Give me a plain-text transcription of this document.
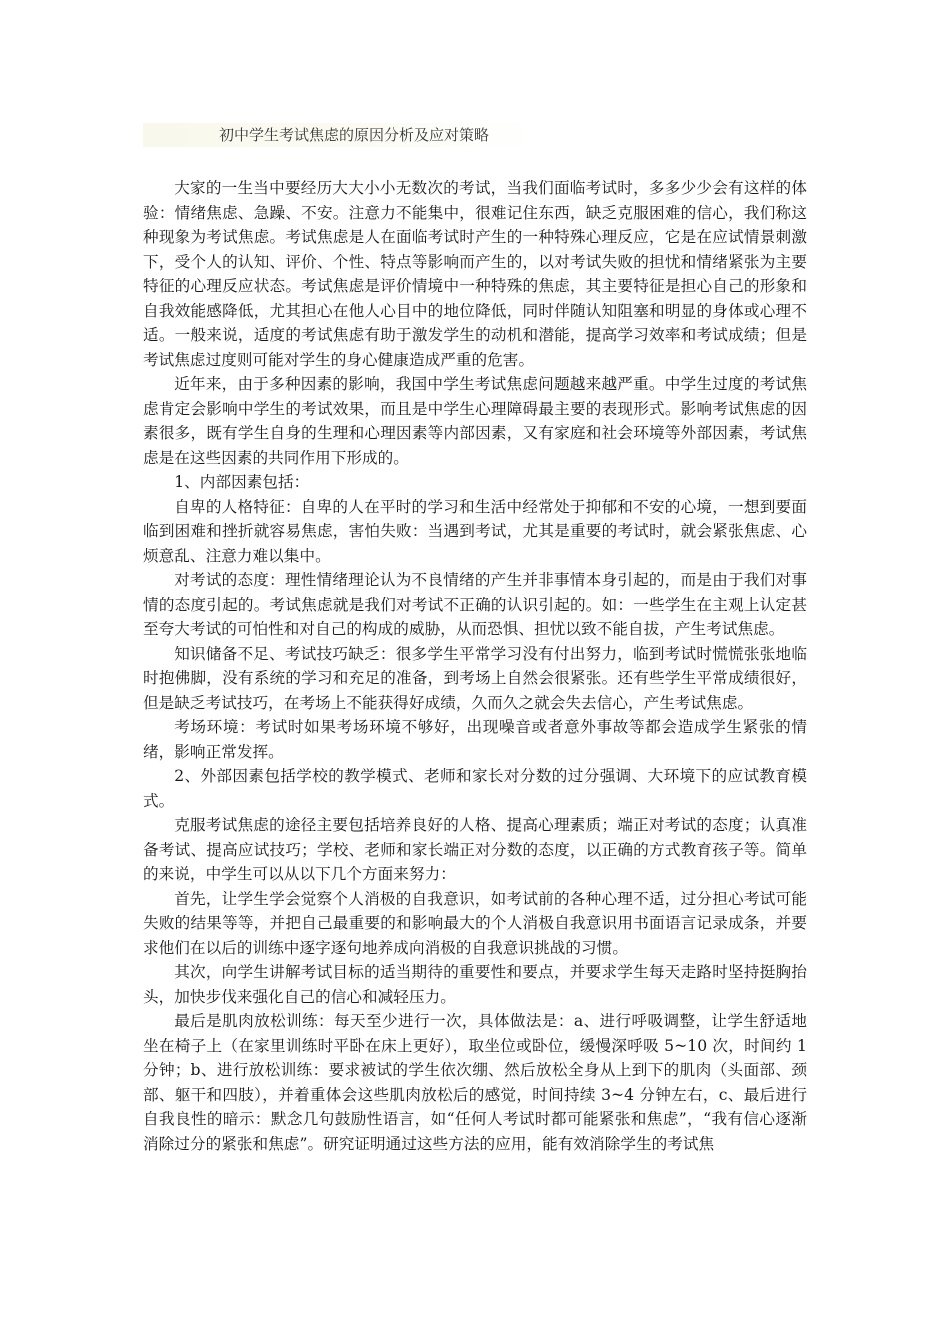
初中学生考试焦虑的原因分析及应对策略

大家的一生当中要经历大大小小无数次的考试，当我们面临考试时，多多少少会有这样的体验：情绪焦虑、急躁、不安。注意力不能集中，很难记住东西，缺乏克服困难的信心，我们称这种现象为考试焦虑。考试焦虑是人在面临考试时产生的一种特殊心理反应，它是在应试情景刺激下，受个人的认知、评价、个性、特点等影响而产生的，以对考试失败的担忧和情绪紧张为主要特征的心理反应状态。考试焦虑是评价情境中一种特殊的焦虑，其主要特征是担心自己的形象和自我效能感降低，尤其担心在他人心目中的地位降低，同时伴随认知阻塞和明显的身体或心理不适。一般来说，适度的考试焦虑有助于激发学生的动机和潜能，提高学习效率和考试成绩；但是考试焦虑过度则可能对学生的身心健康造成严重的危害。

近年来，由于多种因素的影响，我国中学生考试焦虑问题越来越严重。中学生过度的考试焦虑肯定会影响中学生的考试效果，而且是中学生心理障碍最主要的表现形式。影响考试焦虑的因素很多，既有学生自身的生理和心理因素等内部因素，又有家庭和社会环境等外部因素，考试焦虑是在这些因素的共同作用下形成的。

1、内部因素包括：

自卑的人格特征：自卑的人在平时的学习和生活中经常处于抑郁和不安的心境，一想到要面临到困难和挫折就容易焦虑，害怕失败：当遇到考试，尤其是重要的考试时，就会紧张焦虑、心烦意乱、注意力难以集中。

对考试的态度：理性情绪理论认为不良情绪的产生并非事情本身引起的，而是由于我们对事情的态度引起的。考试焦虑就是我们对考试不正确的认识引起的。如：一些学生在主观上认定甚至夸大考试的可怕性和对自己的构成的威胁，从而恐惧、担忧以致不能自拔，产生考试焦虑。

知识储备不足、考试技巧缺乏：很多学生平常学习没有付出努力，临到考试时慌慌张张地临时抱佛脚，没有系统的学习和充足的准备，到考场上自然会很紧张。还有些学生平常成绩很好，但是缺乏考试技巧，在考场上不能获得好成绩，久而久之就会失去信心，产生考试焦虑。

考场环境：考试时如果考场环境不够好，出现噪音或者意外事故等都会造成学生紧张的情绪，影响正常发挥。

2、外部因素包括学校的教学模式、老师和家长对分数的过分强调、大环境下的应试教育模式。

克服考试焦虑的途径主要包括培养良好的人格、提高心理素质；端正对考试的态度；认真准备考试、提高应试技巧；学校、老师和家长端正对分数的态度，以正确的方式教育孩子等。简单的来说，中学生可以从以下几个方面来努力：

首先，让学生学会觉察个人消极的自我意识，如考试前的各种心理不适，过分担心考试可能失败的结果等等，并把自己最重要的和影响最大的个人消极自我意识用书面语言记录成条，并要求他们在以后的训练中逐字逐句地养成向消极的自我意识挑战的习惯。

其次，向学生讲解考试目标的适当期待的重要性和要点，并要求学生每天走路时坚持挺胸抬头，加快步伐来强化自己的信心和减轻压力。

最后是肌肉放松训练：每天至少进行一次，具体做法是：a、进行呼吸调整，让学生舒适地坐在椅子上（在家里训练时平卧在床上更好），取坐位或卧位，缓慢深呼吸 5~10 次，时间约 1 分钟；b、进行放松训练：要求被试的学生依次绷、然后放松全身从上到下的肌肉（头面部、颈部、躯干和四肢），并着重体会这些肌肉放松后的感觉，时间持续 3~4 分钟左右，c、最后进行自我良性的暗示：默念几句鼓励性语言，如“任何人考试时都可能紧张和焦虑”，“我有信心逐渐消除过分的紧张和焦虑”。研究证明通过这些方法的应用，能有效消除学生的考试焦
